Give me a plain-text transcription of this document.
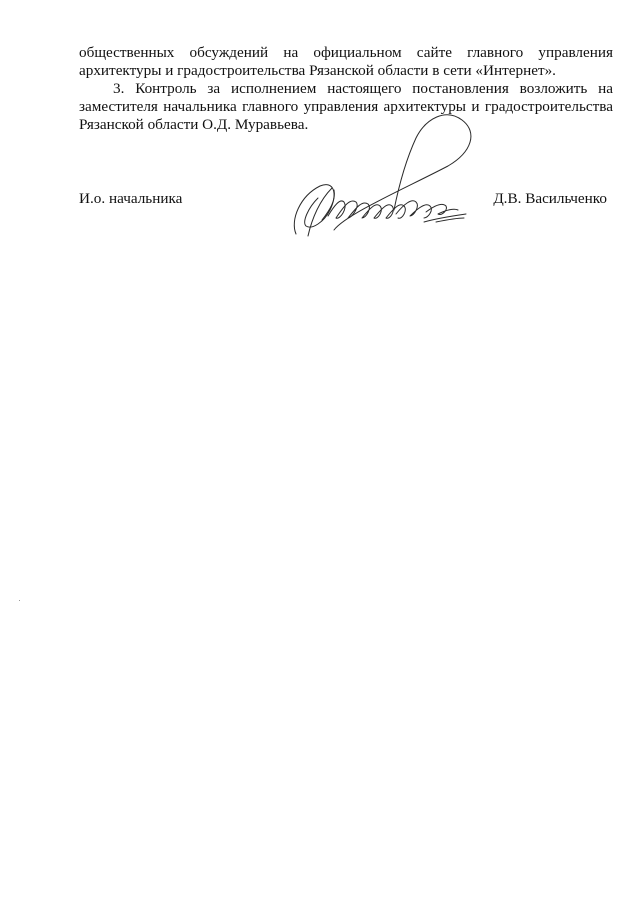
общественных обсуждений на официальном сайте главного управления архитектуры и градостроительства Рязанской области в сети «Интернет».

3. Контроль за исполнением настоящего постановления возложить на заместителя начальника главного управления архитектуры и градостроительства Рязанской области О.Д. Муравьева.

И.о. начальника	Д.В. Васильченко
